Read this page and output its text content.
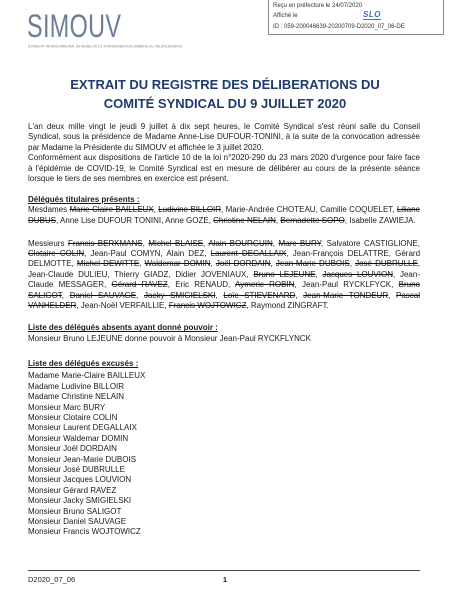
SIMOUV
SYNDICAT INTERCOMMUNAL DE MOBILITÉ ET D'ORGANISATION URBAINE DU VALENCIENNOIS
Reçu en préfecture le 24/07/2020
Affiché le	SLO
ID : 059-200046639-20200709-D2020_07_06-DE
EXTRAIT DU REGISTRE DES DÉLIBERATIONS DU
COMITÉ SYNDICAL DU 9 JUILLET 2020

L'an deux mille vingt le jeudi 9 juillet à dix sept heures, le Comité Syndical s'est réuni salle du Conseil Syndical, sous la présidence de Madame Anne-Lise DUFOUR-TONINI, à la suite de la convocation adressée par Madame la Présidente du SIMOUV et affichée le 3 juillet 2020.

Conformément aux dispositions de l'article 10 de la loi n°2020-290 du 23 mars 2020 d'urgence pour faire face à l'épidémie de COVID-19, le Comité Syndical est en mesure de délibérer au cours de la présente séance lorsque le tiers de ses membres en exercice est présent.

Délégués titulaires présents :
Mesdames Marie-Claire BAILLEUX, Ludivine BILLOIR, Marie-Andrée CHOTEAU, Camille COQUELET, Liliane DUBUS, Anne Lise DUFOUR TONINI, Anne GOZE, Christine NELAIN, Bernadette SOPO, Isabelle ZAWIEJA.
Messieurs Francis BERKMANS, Michel BLAISE, Alain BOURGUIN, Marc BURY, Salvatore CASTIGLIONE, Clotaire COLIN, Jean-Paul COMYN, Alain DEZ, Laurent DEGALLAIX, Jean-François DELATTRE, Gérard DELMOTTE, Michel DEWITTE, Waldemar DOMIN, Joël DORDAIN, Jean-Marie DUBOIS, José DUBRULLE, Jean-Claude DULIEU, Thierry GIADZ, Didier JOVENIAUX, Bruno LEJEUNE, Jacques LOUVION, Jean-Claude MESSAGER, Gérard RAVEZ, Eric RENAUD, Aymeric ROBIN, Jean-Paul RYCKLFYCK, Bruno SALIGOT, Daniel SAUVAGE, Jacky SMIGIELSKI, Loïc STIEVENARD, Jean-Marie TONDEUR, Pascal VANHELDER, Jean-Noël VERFAILLIE, Francis WOJTOWICZ, Raymond ZINGRAFT.
Liste des délégués absents ayant donné pouvoir :
Monsieur Bruno LEJEUNE donne pouvoir à Monsieur Jean-Paul RYCKFLYNCK
Liste des délégués excusés :
Madame Marie-Claire BAILLEUX
Madame Ludivine BILLOIR
Madame Christine NELAIN
Monsieur Marc BURY
Monsieur Clotaire COLIN
Monsieur Laurent DEGALLAIX
Monsieur Waldemar DOMIN
Monsieur Joël DORDAIN
Monsieur Jean-Marie DUBOIS
Monsieur José DUBRULLE
Monsieur Jacques LOUVION
Monsieur Gérard RAVEZ
Monsieur Jacky SMIGIELSKI
Monsieur Bruno SALIGOT
Monsieur Daniel SAUVAGE
Monsieur Francis WOJTOWICZ
D2020_07_06	1
